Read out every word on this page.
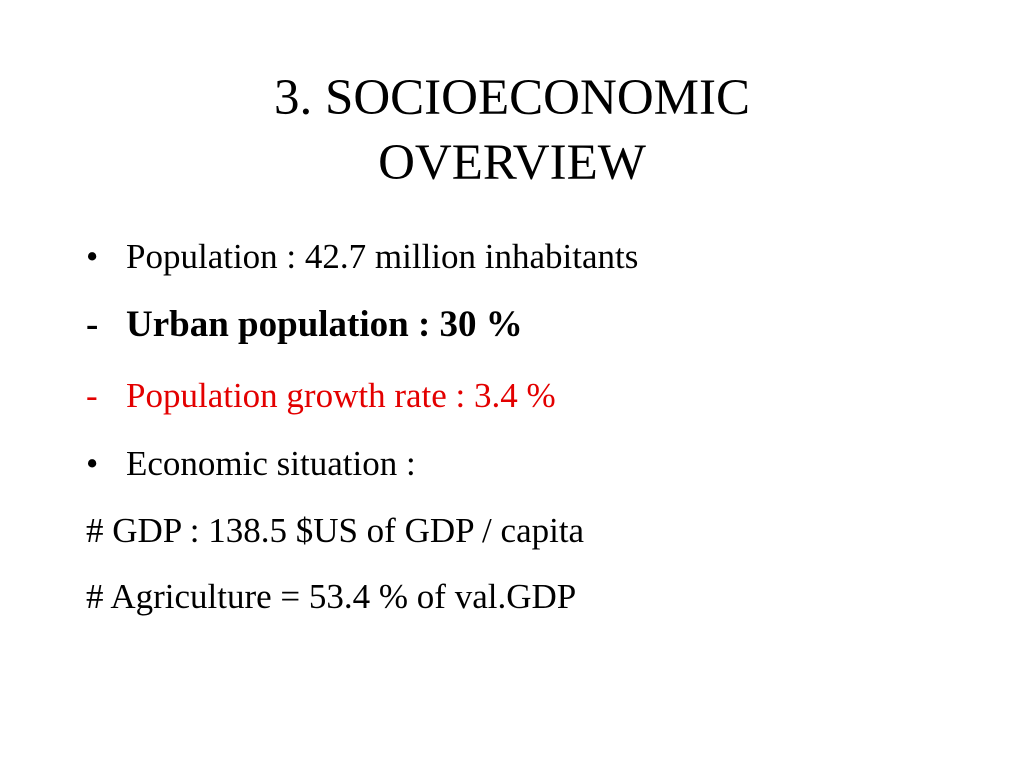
3. SOCIOECONOMIC
OVERVIEW
• Population : 42.7 million inhabitants
- Urban population : 30 %
- Population growth rate : 3.4 %
• Economic situation :
# GDP : 138.5 $US of GDP / capita
# Agriculture = 53.4 % of val.GDP
